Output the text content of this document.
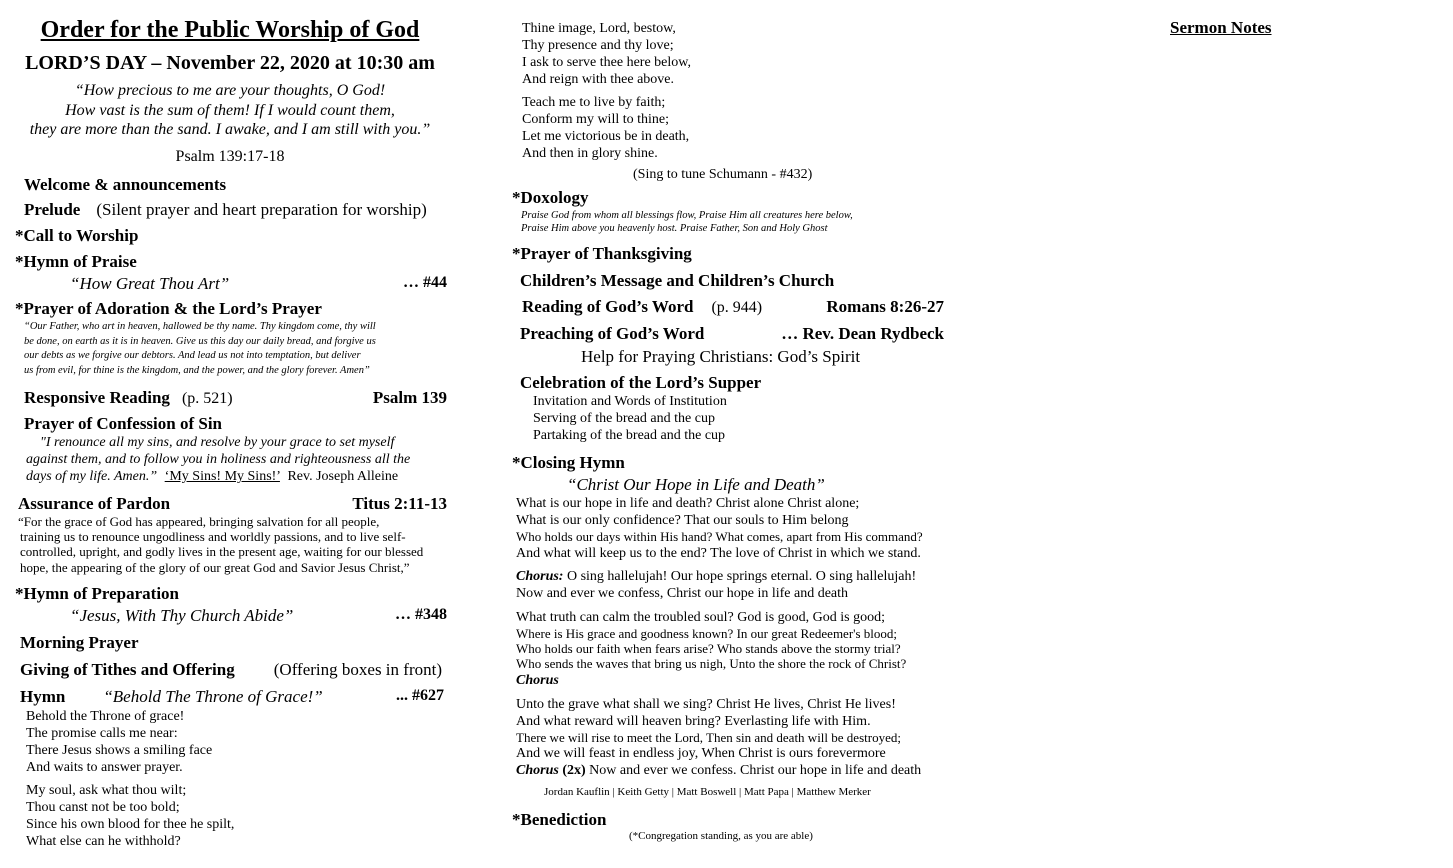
Order for the Public Worship of God
LORD’S DAY – November 22, 2020 at 10:30 am
“How precious to me are your thoughts, O God!
How vast is the sum of them! If I would count them,
they are more than the sand. I awake, and I am still with you.”
Psalm 139:17-18
Welcome & announcements
Prelude (Silent prayer and heart preparation for worship)
*Call to Worship
*Hymn of Praise
“How Great Thou Art”	… #44
*Prayer of Adoration & the Lord’s Prayer
“Our Father, who art in heaven, hallowed be thy name. Thy kingdom come, thy will
be done, on earth as it is in heaven. Give us this day our daily bread, and forgive us
our debts as we forgive our debtors. And lead us not into temptation, but deliver
us from evil, for thine is the kingdom, and the power, and the glory forever. Amen”
Responsive Reading (p. 521)	Psalm 139
Prayer of Confession of Sin
"I renounce all my sins, and resolve by your grace to set myself
against them, and to follow you in holiness and righteousness all the
days of my life. Amen.” ‘My Sins! My Sins!’ Rev. Joseph Alleine
Assurance of Pardon	Titus 2:11-13
“For the grace of God has appeared, bringing salvation for all people,
training us to renounce ungodliness and worldly passions, and to live self-
controlled, upright, and godly lives in the present age, waiting for our blessed
hope, the appearing of the glory of our great God and Savior Jesus Christ,”
*Hymn of Preparation
“Jesus, With Thy Church Abide”	… #348
Morning Prayer
Giving of Tithes and Offering (Offering boxes in front)
Hymn “Behold The Throne of Grace!”	... #627
Behold the Throne of grace!
The promise calls me near:
There Jesus shows a smiling face
And waits to answer prayer.
My soul, ask what thou wilt;
Thou canst not be too bold;
Since his own blood for thee he spilt,
What else can he withhold?
Thine image, Lord, bestow,
Thy presence and thy love;
I ask to serve thee here below,
And reign with thee above.
Teach me to live by faith;
Conform my will to thine;
Let me victorious be in death,
And then in glory shine.
(Sing to tune Schumann - #432)
*Doxology
Praise God from whom all blessings flow, Praise Him all creatures here below,
Praise Him above you heavenly host. Praise Father, Son and Holy Ghost
*Prayer of Thanksgiving
Children’s Message and Children’s Church
Reading of God’s Word (p. 944)	Romans 8:26-27
Preaching of God’s Word	… Rev. Dean Rydbeck
Help for Praying Christians: God’s Spirit
Celebration of the Lord’s Supper
Invitation and Words of Institution
Serving of the bread and the cup
Partaking of the bread and the cup
*Closing Hymn
“Christ Our Hope in Life and Death”
What is our hope in life and death? Christ alone Christ alone;
What is our only confidence? That our souls to Him belong
Who holds our days within His hand? What comes, apart from His command?
And what will keep us to the end? The love of Christ in which we stand.
Chorus: O sing hallelujah! Our hope springs eternal. O sing hallelujah!
Now and ever we confess, Christ our hope in life and death
What truth can calm the troubled soul? God is good, God is good;
Where is His grace and goodness known? In our great Redeemer's blood;
Who holds our faith when fears arise? Who stands above the stormy trial?
Who sends the waves that bring us nigh, Unto the shore the rock of Christ?
Chorus
Unto the grave what shall we sing? Christ He lives, Christ He lives!
And what reward will heaven bring? Everlasting life with Him.
There we will rise to meet the Lord, Then sin and death will be destroyed;
And we will feast in endless joy, When Christ is ours forevermore
Chorus (2x) Now and ever we confess. Christ our hope in life and death
Jordan Kauflin | Keith Getty | Matt Boswell | Matt Papa | Matthew Merker
*Benediction
(*Congregation standing, as you are able)
Sermon Notes
